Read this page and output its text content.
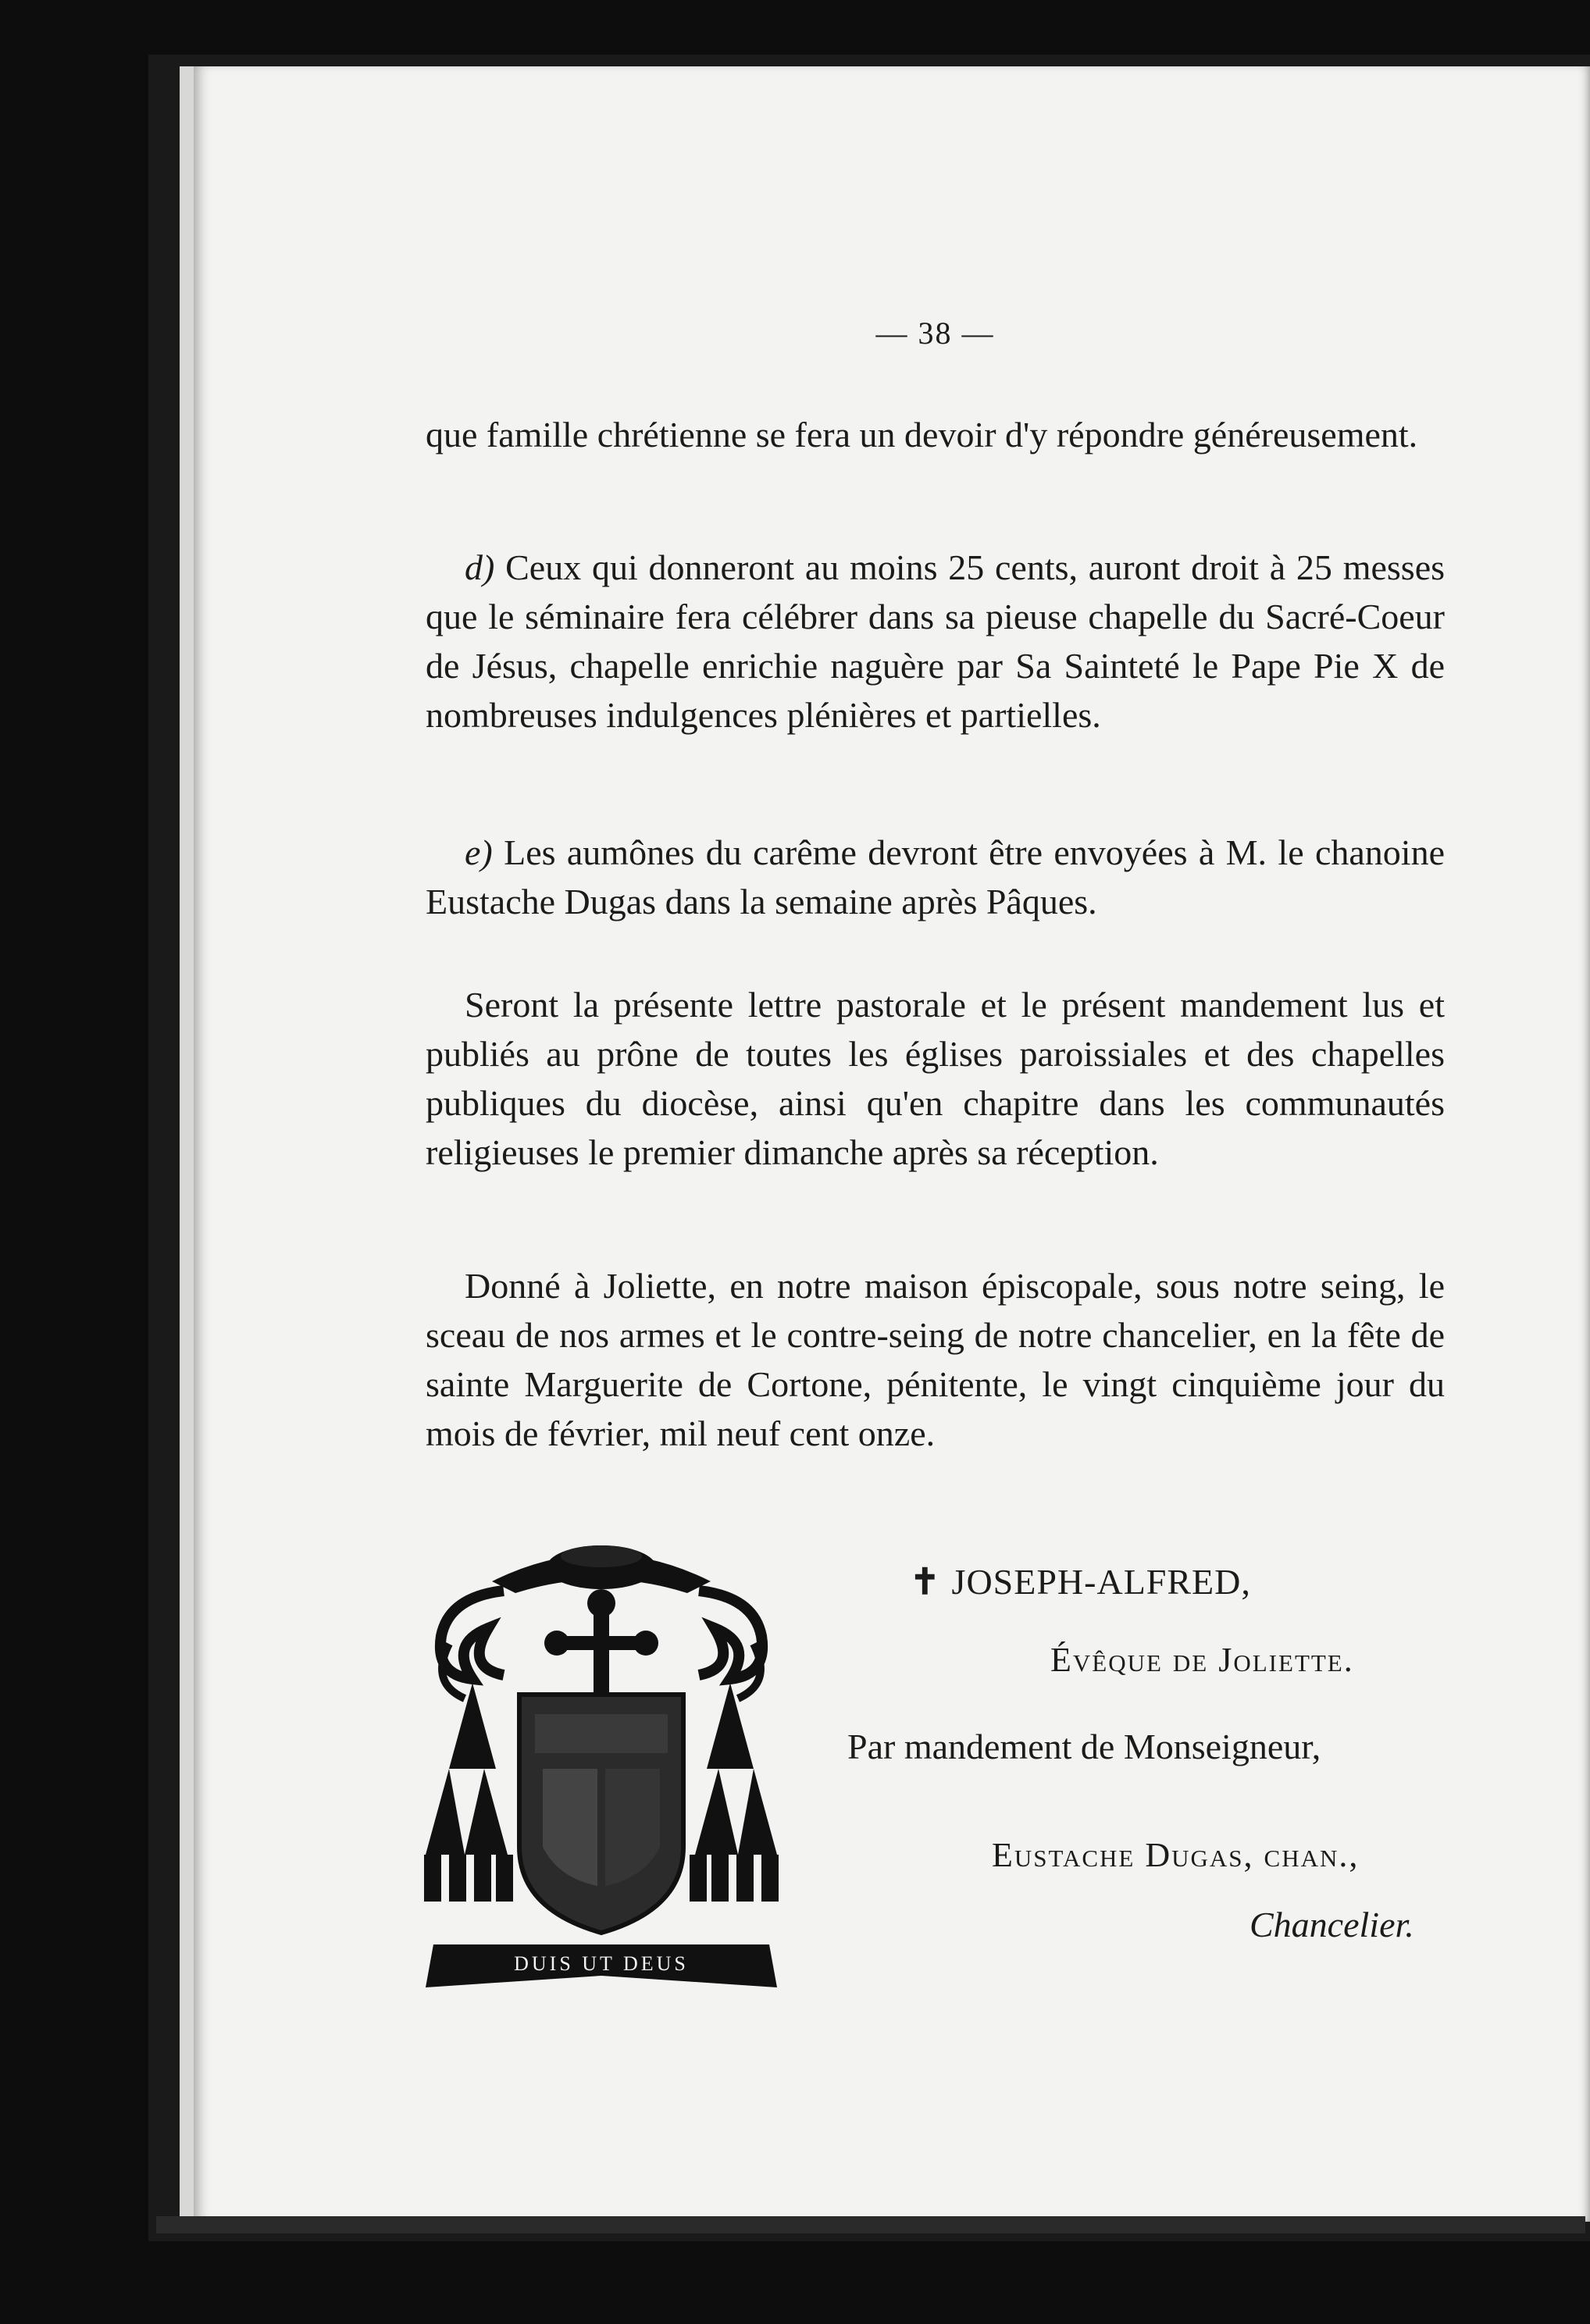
— 38 —

que famille chrétienne se fera un devoir d'y répondre généreusement.

d) Ceux qui donneront au moins 25 cents, auront droit à 25 messes que le séminaire fera célébrer dans sa pieuse chapelle du Sacré-Coeur de Jésus, chapelle enrichie naguère par Sa Sainteté le Pape Pie X de nombreuses indulgences plénières et partielles.

e) Les aumônes du carême devront être envoyées à M. le chanoine Eustache Dugas dans la semaine après Pâques.

Seront la présente lettre pastorale et le présent mandement lus et publiés au prône de toutes les églises paroissiales et des chapelles publiques du diocèse, ainsi qu'en chapitre dans les communautés religieuses le premier dimanche après sa réception.

Donné à Joliette, en notre maison épiscopale, sous notre seing, le sceau de nos armes et le contre-seing de notre chancelier, en la fête de sainte Marguerite de Cortone, pénitente, le vingt cinquième jour du mois de février, mil neuf cent onze.

DUIS UT DEUS
✝ JOSEPH-ALFRED,
Évêque de Joliette.
Par mandement de Monseigneur,
Eustache Dugas, chan.,
Chancelier.
